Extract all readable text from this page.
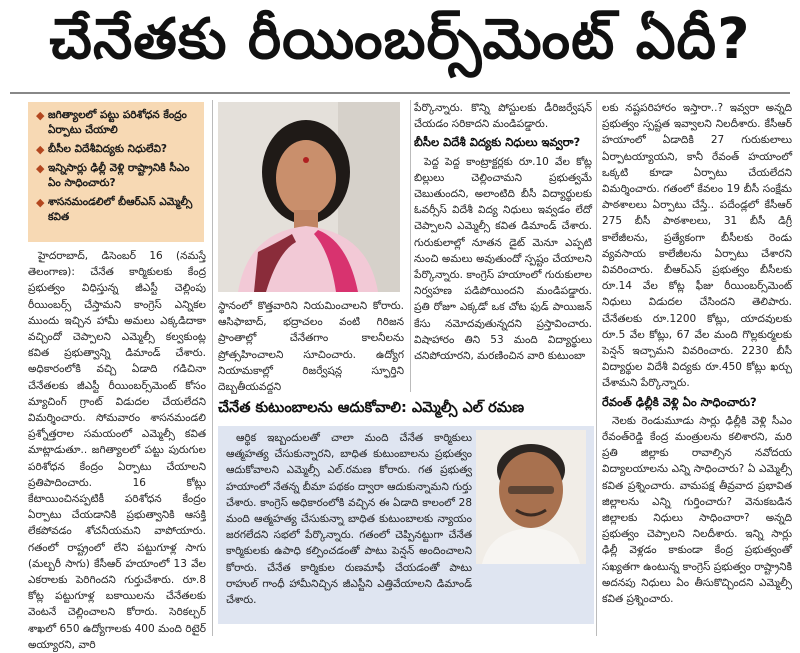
చేనేతకు రీయింబర్స్‌మెంట్ ఏదీ?
◆ జగిత్యాలలో పట్టు పరిశోధన కేంద్రం ఏర్పాటు చేయాలి
◆ బీసీల విదేశీవిద్యకు నిధులేవి?
◆ ఇన్నిసార్లు ఢిల్లీ వెళ్లి రాష్ట్రానికి సీఎం ఏం సాధించారు?
◆ శాసనమండలిలో బీఆర్ఎస్ ఎమ్మెల్సీ కవిత

హైదరాబాద్, డిసెంబర్ 16 (నమస్తే తెలంగాణ): చేనేత కార్మికులకు కేంద్ర ప్రభుత్వం విధిస్తున్న జీఎస్టీ చెల్లింపు రీయింబర్స్ చేస్తామని కాంగ్రెస్ ఎన్నికల ముందు ఇచ్చిన హామీ అమలు ఎక్కడిదాకా వచ్చిందో చెప్పాలని ఎమ్మెల్సీ కల్వకుంట్ల కవిత ప్రభుత్వాన్ని డిమాండ్ చేశారు. అధికారంలోకి వచ్చి ఏడాది గడిచినా చేనేతలకు జీఎస్టీ రీయింబర్స్‌మెంట్ కోసం మ్యాచింగ్ గ్రాంట్ విడుదల చేయలేదని విమర్శించారు. సోమవారం శాసనమండలి ప్రశ్నోత్తరాల సమయంలో ఎమ్మెల్సీ కవిత మాట్లాడుతూ.. జగిత్యాలలో పట్టు పురుగుల పరిశోధన కేంద్రం ఏర్పాటు చేయాలని ప్రతిపాదించారు. 16 కోట్లు కేటాయించినప్పటికీ పరిశోధన కేంద్రం ఏర్పాటు చేయడానికి ప్రభుత్వానికి ఆసక్తి లేకపోవడం శోచనీయమని వాపోయారు. గతంలో రాష్ట్రంలో లేని పట్టుగూళ్ల సాగు (మల్బరీ సాగు) కేసీఆర్ హయాంలో 13 వేల ఎకరాలకు పెరిగిందని గుర్తుచేశారు. రూ.8 కోట్ల పట్టుగూళ్ల బకాయిలను చేనేతలకు వెంటనే చెల్లించాలని కోరారు. సెరికల్చర్ శాఖలో 650 ఉద్యోగాలకు 400 మంది రిటైర్ అయ్యారని, వారి

స్థానంలో కొత్తవారిని నియమించాలని కోరారు. ఆసిఫాబాద్, భద్రాచలం వంటి గిరిజన ప్రాంతాల్లో చేనేతగాం కాలనీలను ప్రోత్సహించాలని సూచించారు. ఉద్యోగ నియామకాల్లో రిజర్వేషన్ల స్ఫూర్తిని దెబ్బతీయవద్దని

పేర్కొన్నారు. కొన్ని పోస్టులకు డీరిజర్వేషన్ చేయడం సరికాదని మండిపడ్డారు.

బీసీల విదేశీ విద్యకు నిధులు ఇవ్వరా?

పెద్ద పెద్ద కాంట్రాక్టర్లకు రూ.10 వేల కోట్ల బిల్లులు చెల్లించామని ప్రభుత్వమే చెబుతుందని, అలాంటిది బీసీ విద్యార్థులకు ఓవర్సీస్ విదేశీ విద్య నిధులు ఇవ్వడం లేదో చెప్పాలని ఎమ్మెల్సీ కవిత డిమాండ్ చేశారు. గురుకులాల్లో నూతన డైట్ మెనూ ఎప్పటి నుంచి అమలు అవుతుందో స్పష్టం చేయాలని పేర్కొన్నారు. కాంగ్రెస్ హయాంలో గురుకులాల నిర్వహణ పడిపోయిందని మండిపడ్డారు. ప్రతి రోజూ ఎక్కడో ఒక చోట ఫుడ్ పాయిజన్ కేసు నమోదవుతున్నదని ప్రస్తావించారు. విషాహారం తిని 53 మంది విద్యార్థులు చనిపోయారని, మరణించిన వారి కుటుంబా

లకు నష్టపరిహారం ఇస్తారా..? ఇవ్వరా అన్నది ప్రభుత్వం స్పష్టత ఇవ్వాలని నిలదీశారు. కేసీఆర్ హయాంలో ఏడాదికి 27 గురుకులాలు ఏర్పాటయ్యాయని, కానీ రేవంత్ హయాంలో ఒక్కటి కూడా ఏర్పాటు చేయలేదని విమర్శించారు. గతంలో కేవలం 19 బీసీ సంక్షేమ పాఠశాలలు ఏర్పాటు చేస్తే.. పదేండ్లలో కేసీఆర్ 275 బీసీ పాఠశాలలు, 31 బీసీ డిగ్రీ కాలేజీలను, ప్రత్యేకంగా బీసీలకు రెండు వ్యవసాయ కాలేజీలను ఏర్పాటు చేశారని వివరించారు. బీఆర్ఎస్ ప్రభుత్వం బీసీలకు రూ.14 వేల కోట్ల ఫీజు రీయింబర్స్‌మెంట్ నిధులు విడుదల చేసిందని తెలిపారు. చేనేతలకు రూ.1200 కోట్లు, యాదవులకు రూ.5 వేల కోట్లు, 67 వేల మంది గొల్లకుర్మలకు పెన్షన్ ఇచ్చామని వివరించారు. 2230 బీసీ విద్యార్థుల విదేశీ విద్యకు రూ.450 కోట్లు ఖర్చు చేశామని పేర్కొన్నారు.

రేవంత్ ఢిల్లీకి వెళ్లి ఏం సాధించారు?

నెలకు రెండుమూడు సార్లు ఢిల్లీకి వెళ్లి సీఎం రేవంత్‌రెడ్డి కేంద్ర మంత్రులను కలిశారని, మరి ప్రతి జిల్లాకు రావాల్సిన నవోదయ విద్యాలయాలను ఎన్ని సాధించారు? ఏ ఎమ్మెల్సీ కవిత ప్రశ్నించారు. వామపక్ష తీవ్రవాద ప్రభావిత జిల్లాలను ఎన్ని గుర్తించారు? వెనుకబడిన జిల్లాలకు నిధులు సాధించారా? అన్నది ప్రభుత్వం చెప్పాలని నిలదీశారు. ఇన్ని సార్లు ఢిల్లీ వెళ్లడం కాకుండా కేంద్ర ప్రభుత్వంతో సఖ్యతగా ఉంటున్న కాంగ్రెస్ ప్రభుత్వం రాష్ట్రానికి అదనపు నిధులు ఏం తీసుకొచ్చిందని ఎమ్మెల్సీ కవిత ప్రశ్నించారు.

చేనేత కుటుంబాలను ఆదుకోవాలి: ఎమ్మెల్సీ ఎల్ రమణ

ఆర్థిక ఇబ్బందులతో చాలా మంది చేనేత కార్మికులు ఆత్మహత్య చేసుకున్నారని, బాధిత కుటుంబాలను ప్రభుత్వం ఆదుకోవాలని ఎమ్మెల్సీ ఎల్.రమణ కోరారు. గత ప్రభుత్వ హయాంలో నేతన్న బీమా పథకం ద్వారా ఆదుకున్నామని గుర్తు చేశారు. కాంగ్రెస్ అధికారంలోకి వచ్చిన ఈ ఏడాది కాలంలో 28 మంది ఆత్మహత్య చేసుకున్నా బాధిత కుటుంబాలకు న్యాయం జరగలేదని సభలో పేర్కొన్నారు. గతంలో చెప్పినట్టుగా చేనేత కార్మికులకు ఉపాధి కల్పించడంతో పాటు పెన్షన్ అందించాలని కోరారు. చేనేత కార్మికుల రుణమాఫీ చేయడంతో పాటు రాహుల్ గాంధీ హామీనిచ్చిన జీఎస్టీని ఎత్తివేయాలని డిమాండ్ చేశారు.
